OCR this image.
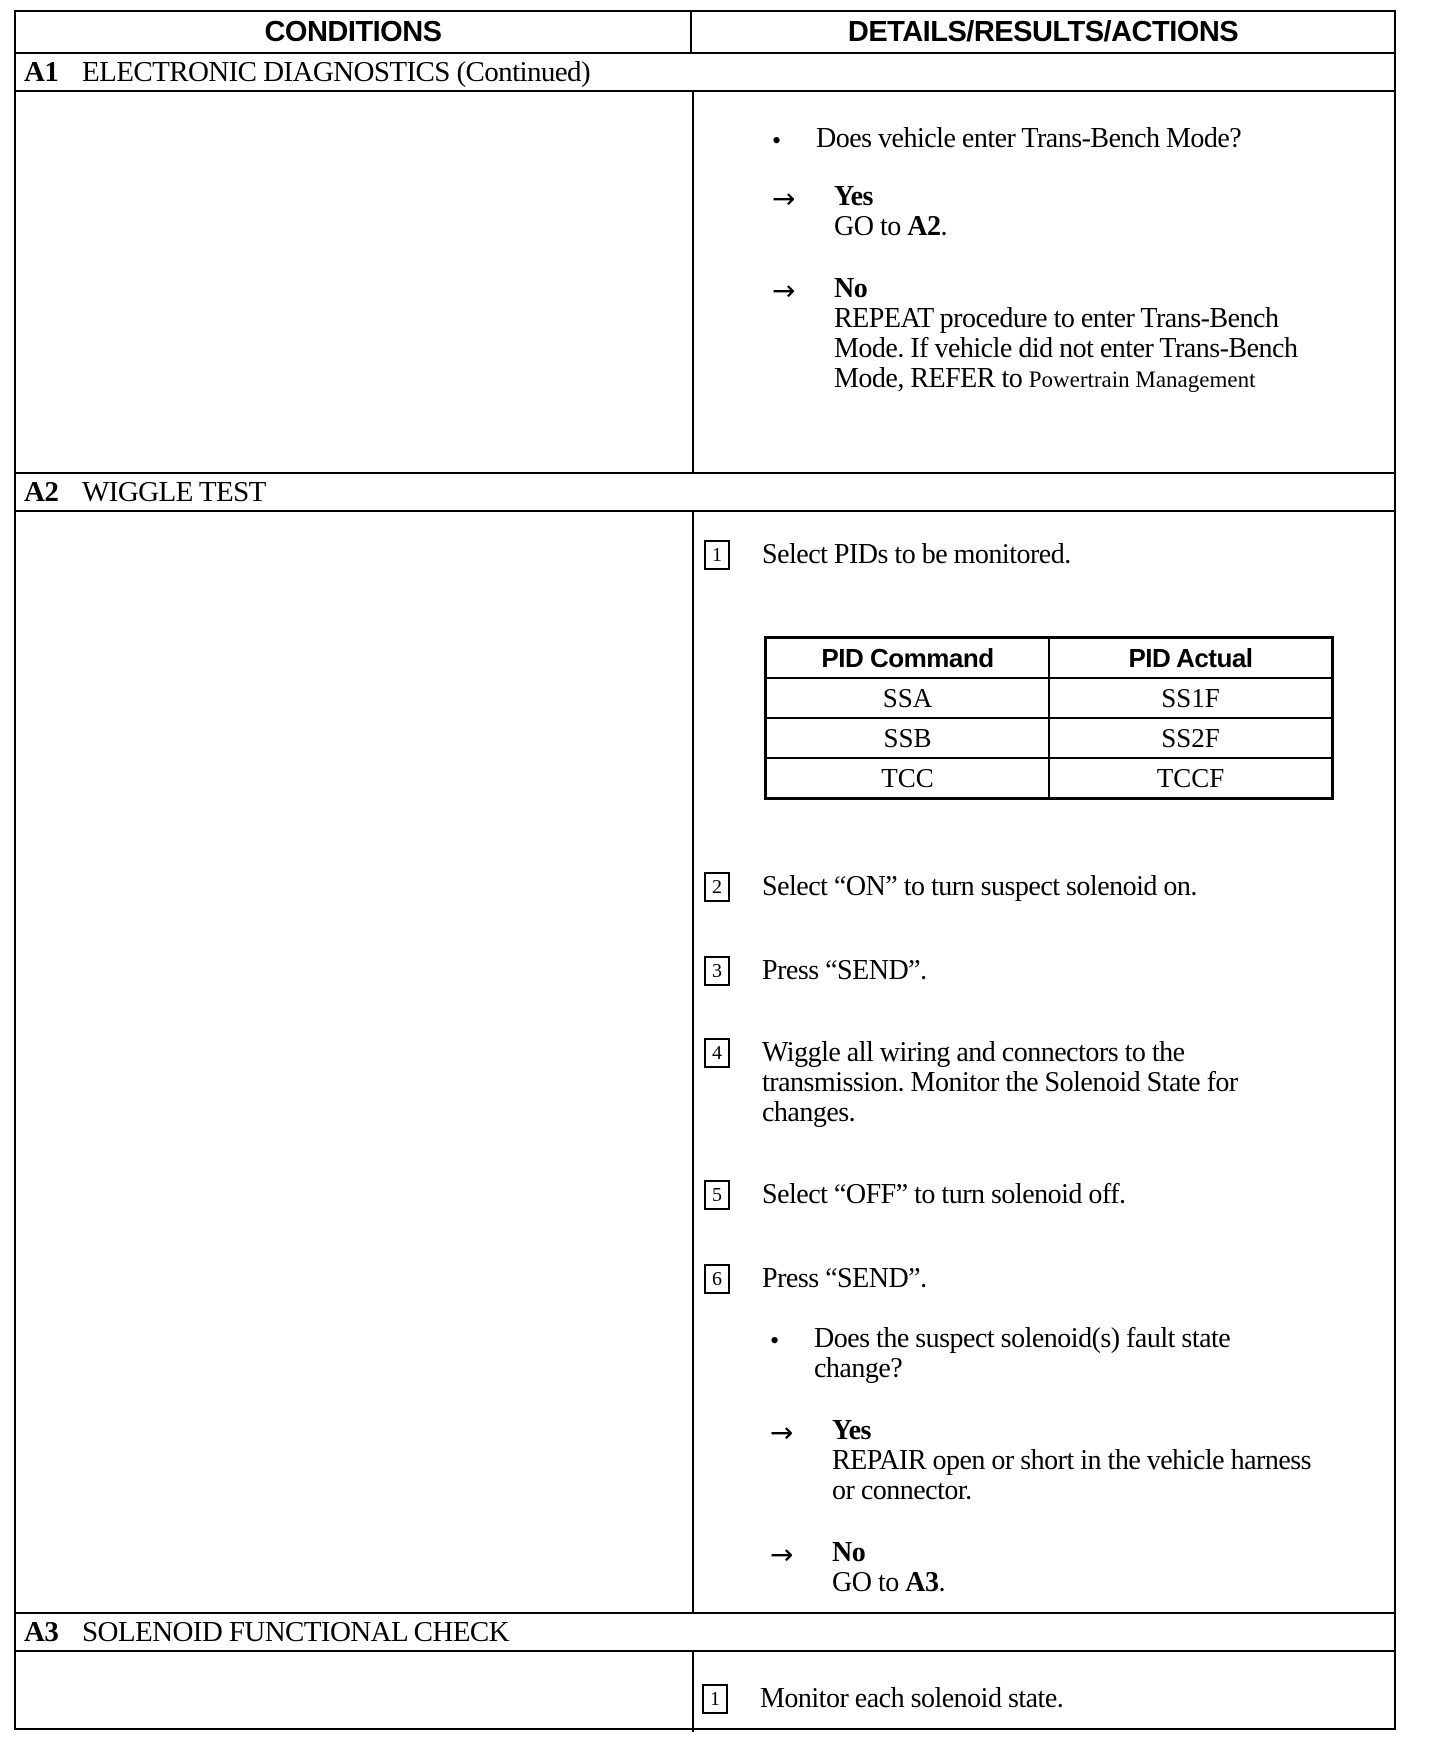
CONDITIONS	DETAILS/RESULTS/ACTIONS
A1 ELECTRONIC DIAGNOSTICS (Continued)
• Does vehicle enter Trans-Bench Mode?
→ Yes
GO to A2.
→ No
REPEAT procedure to enter Trans-Bench
Mode. If vehicle did not enter Trans-Bench
Mode, REFER to Powertrain Management
A2 WIGGLE TEST
1 Select PIDs to be monitored.
2 Select “ON” to turn suspect solenoid on.
3 Press “SEND”.
4 Wiggle all wiring and connectors to the
transmission. Monitor the Solenoid State for
changes.
5 Select “OFF” to turn solenoid off.
6 Press “SEND”.
• Does the suspect solenoid(s) fault state
change?
→ Yes
REPAIR open or short in the vehicle harness
or connector.
→ No
GO to A3.
A3 SOLENOID FUNCTIONAL CHECK
1 Monitor each solenoid state.
PID Command	PID Actual
SSA	SS1F
SSB	SS2F
TCC	TCCF
